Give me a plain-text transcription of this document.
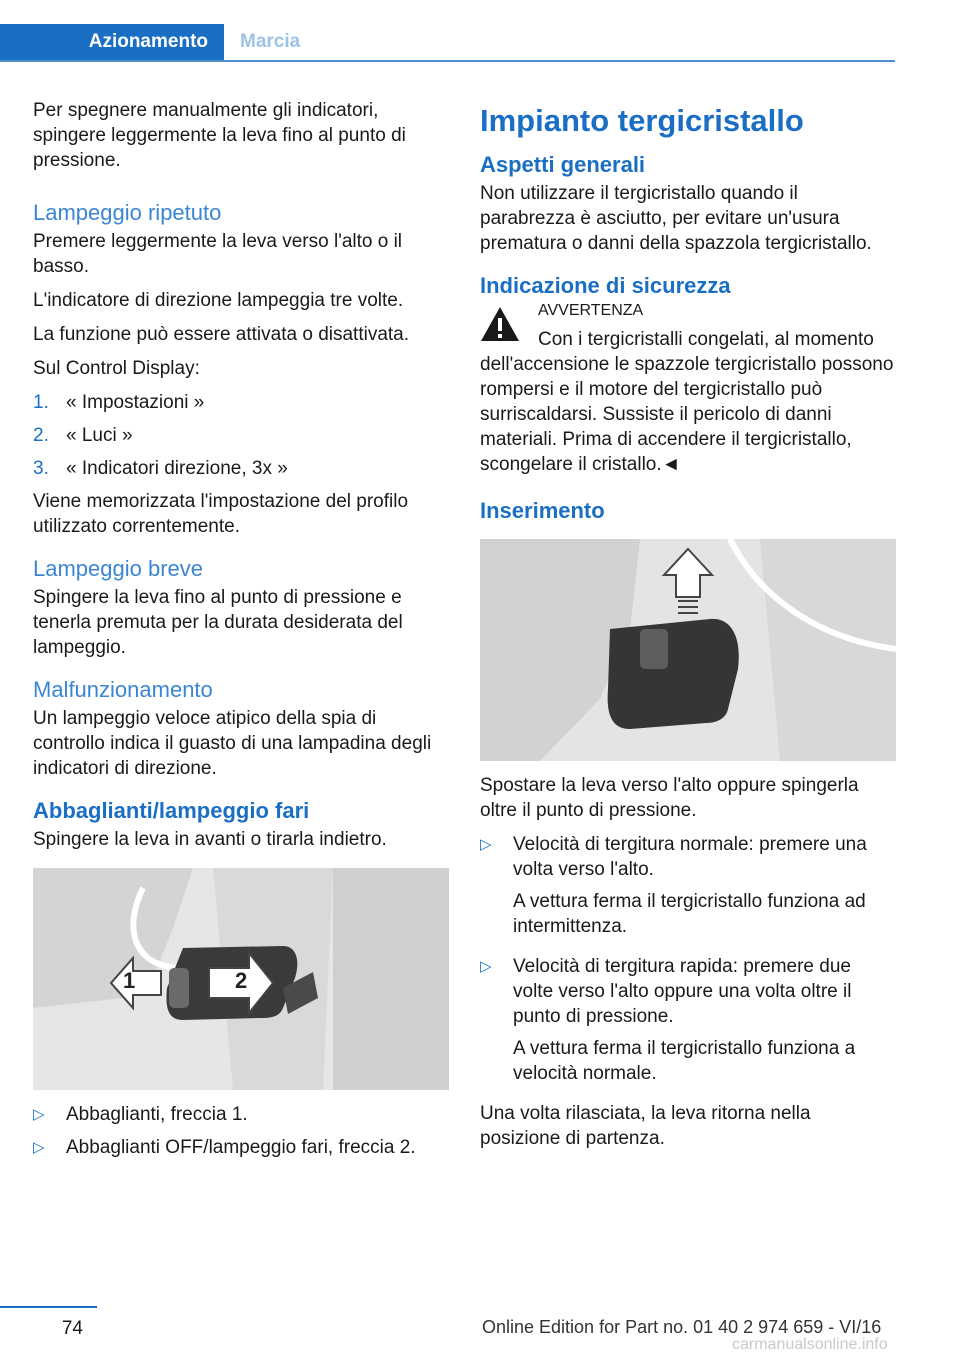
Azionamento	Marcia

Per spegnere manualmente gli indicatori, spingere leggermente la leva fino al punto di pressione.

Lampeggio ripetuto

Premere leggermente la leva verso l'alto o il basso.

L'indicatore di direzione lampeggia tre volte.

La funzione può essere attivata o disattivata.

Sul Control Display:

1. « Impostazioni »
2. « Luci »
3. « Indicatori direzione, 3x »

Viene memorizzata l'impostazione del profilo utilizzato correntemente.

Lampeggio breve

Spingere la leva fino al punto di pressione e tenerla premuta per la durata desiderata del lampeggio.

Malfunzionamento

Un lampeggio veloce atipico della spia di controllo indica il guasto di una lampadina degli indicatori di direzione.

Abbaglianti/lampeggio fari

Spingere la leva in avanti o tirarla indietro.

1	2
▷	Abbaglianti, freccia 1.
▷	Abbaglianti OFF/lampeggio fari, freccia 2.
Impianto tergicristallo
Aspetti generali

Non utilizzare il tergicristallo quando il parabrezza è asciutto, per evitare un'usura prematura o danni della spazzola tergicristallo.

Indicazione di sicurezza
AVVERTENZA

Con i tergicristalli congelati, al momento dell'accensione le spazzole tergicristallo possono rompersi e il motore del tergicristallo può surriscaldarsi. Sussiste il pericolo di danni materiali. Prima di accendere il tergicristallo, scongelare il cristallo.◄

Inserimento

Spostare la leva verso l'alto oppure spingerla oltre il punto di pressione.

▷	Velocità di tergitura normale: premere una volta verso l'alto.

A vettura ferma il tergicristallo funziona ad intermittenza.

▷	Velocità di tergitura rapida: premere due volte verso l'alto oppure una volta oltre il punto di pressione.

A vettura ferma il tergicristallo funziona a velocità normale.

Una volta rilasciata, la leva ritorna nella posizione di partenza.

74	Online Edition for Part no. 01 40 2 974 659 - VI/16
carmanualsonline.info
